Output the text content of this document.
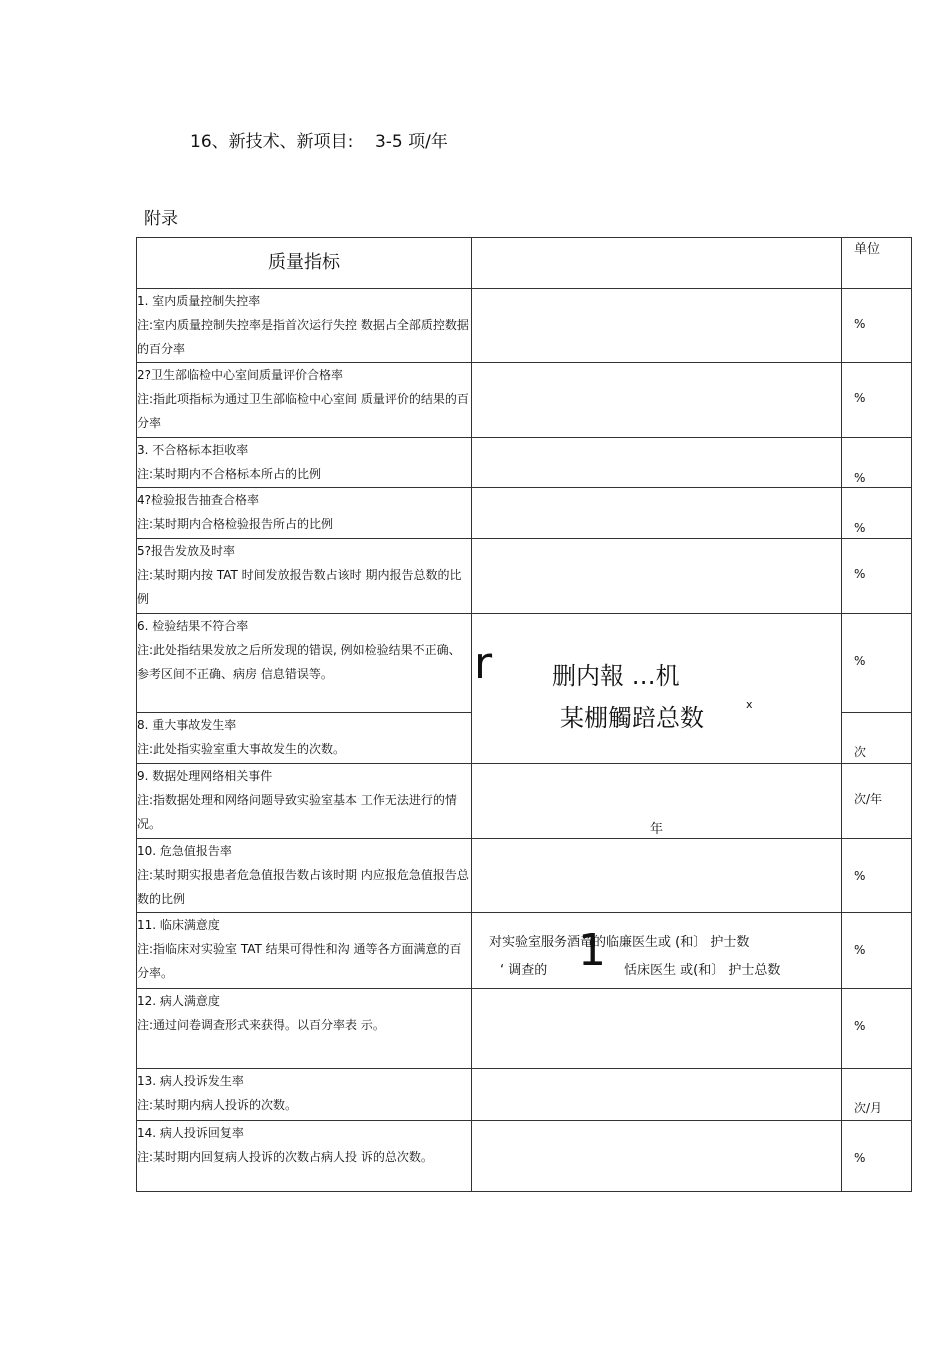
16、新技术、新项目:    3-5 项/年
附录
质量指标		单位

1. 室内质量控制失控率
注:室内质量控制失控率是指首次运行失控 数据占全部质控数据的百分率		%

2?卫生部临检中心室间质量评价合格率
注:指此项指标为通过卫生部临检中心室间 质量评价的结果的百分率		%

3. 不合格标本拒收率
注:某时期内不合格标本所占的比例		%

4?检验报告抽查合格率
注:某时期内合格检验报告所占的比例		%

5?报告发放及时率
注:某时期内按 TAT 时间发放报告数占该时 期内报告总数的比例		%

6. 检验结果不符合率
注:此处指结果发放之后所发现的错误, 例如检验结果不正确、参考区间不正确、病房 信息错误等。	r 删内報 …机
某棚觸踣总数 x	%

8. 重大事故发生率
注:此处指实验室重大事故发生的次数。		次

9. 数据处理网络相关事件
注:指数据处理和网络问题导致实验室基本 工作无法进行的情况。	年	次/年

10. 危急值报告率
注:某时期实报患者危急值报告数占该时期 内应报危急值报告总数的比例		%

11. 临床满意度
注:指临床对实验室 TAT 结果可得性和沟 通等各方面满意的百分率。	对实验室服务酒竜的临廉医生或 (和〕 护士数
‘ 调查的 1 恬床医生 或(和〕 护士总数	%

12. 病人满意度
注:通过问卷调查形式来获得。以百分率表 示。		%

13. 病人投诉发生率
注:某时期内病人投诉的次数。		次/月

14. 病人投诉回复率
注:某时期内回复病人投诉的次数占病人投 诉的总次数。		%
